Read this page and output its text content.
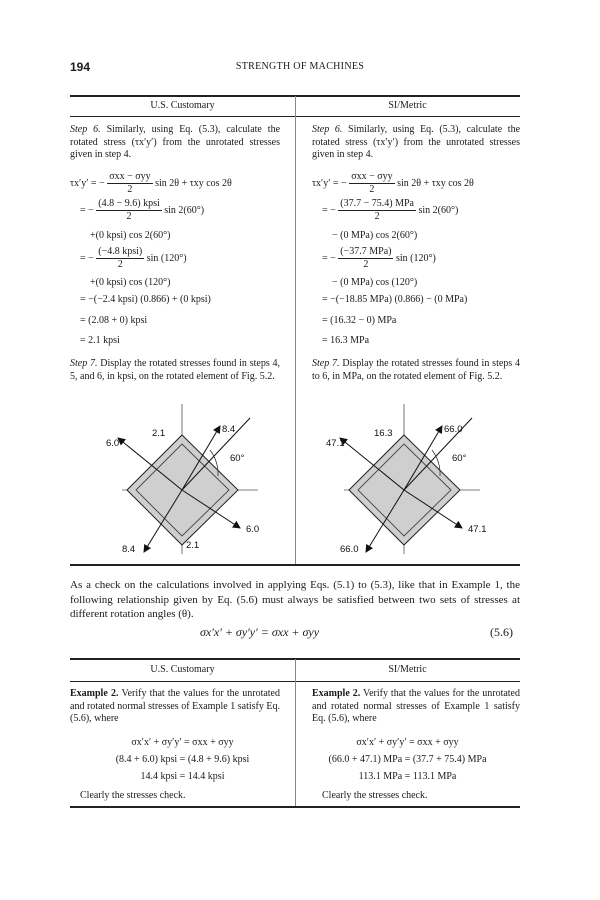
194	STRENGTH OF MACHINES
U.S. Customary	SI/Metric
Step 6. Similarly, using Eq. (5.3), calculate the rotated stress (τx′y′) from the unrotated stresses given in step 4.
τx′y′ = − $\frac{\text{σxx − σyy}}{2}$ sin 2θ + τxy cos 2θ
= − $\frac{\text{(4.8 − 9.6) kpsi}}{2}$ sin 2(60°)
+(0 kpsi) cos 2(60°)
= − $\frac{\text{(−4.8 kpsi)}}{2}$ sin (120°)
+(0 kpsi) cos (120°)
= −(−2.4 kpsi) (0.866) + (0 kpsi)
= (2.08 + 0) kpsi
= 2.1 kpsi
Step 7. Display the rotated stresses found in steps 4, 5, and 6, in kpsi, on the rotated element of Fig. 5.2.
2.1	8.4
6.0
60°
6.0
8.4	2.1
Step 6. Similarly, using Eq. (5.3), calculate the rotated stress (τx′y′) from the unrotated stresses given in step 4.
τx′y′ = − $\frac{\text{σxx − σyy}}{2}$ sin 2θ + τxy cos 2θ
= − $\frac{\text{(37.7 − 75.4) MPa}}{2}$ sin 2(60°)
− (0 MPa) cos 2(60°)
= − $\frac{\text{(−37.7 MPa)}}{2}$ sin (120°)
− (0 MPa) cos (120°)
= −(−18.85 MPa) (0.866) − (0 MPa)
= (16.32 − 0) MPa
= 16.3 MPa
Step 7. Display the rotated stresses found in steps 4 to 6, in MPa, on the rotated element of Fig. 5.2.
16.3	66.0
47.1
60°
47.1
66.0
As a check on the calculations involved in applying Eqs. (5.1) to (5.3), like that in Example 1, the following relationship given by Eq. (5.6) must always be satisfied between two sets of stresses at different rotation angles (θ).
σx′x′ + σy′y′ = σxx + σyy	(5.6)
U.S. Customary	SI/Metric
Example 2. Verify that the values for the unrotated and rotated normal stresses of Example 1 satisfy Eq. (5.6), where
σx′x′ + σy′y′ = σxx + σyy
(8.4 + 6.0) kpsi = (4.8 + 9.6) kpsi
14.4 kpsi = 14.4 kpsi
Clearly the stresses check.
Example 2. Verify that the values for the unrotated and rotated normal stresses of Example 1 satisfy Eq. (5.6), where
σx′x′ + σy′y′ = σxx + σyy
(66.0 + 47.1) MPa = (37.7 + 75.4) MPa
113.1 MPa = 113.1 MPa
Clearly the stresses check.
